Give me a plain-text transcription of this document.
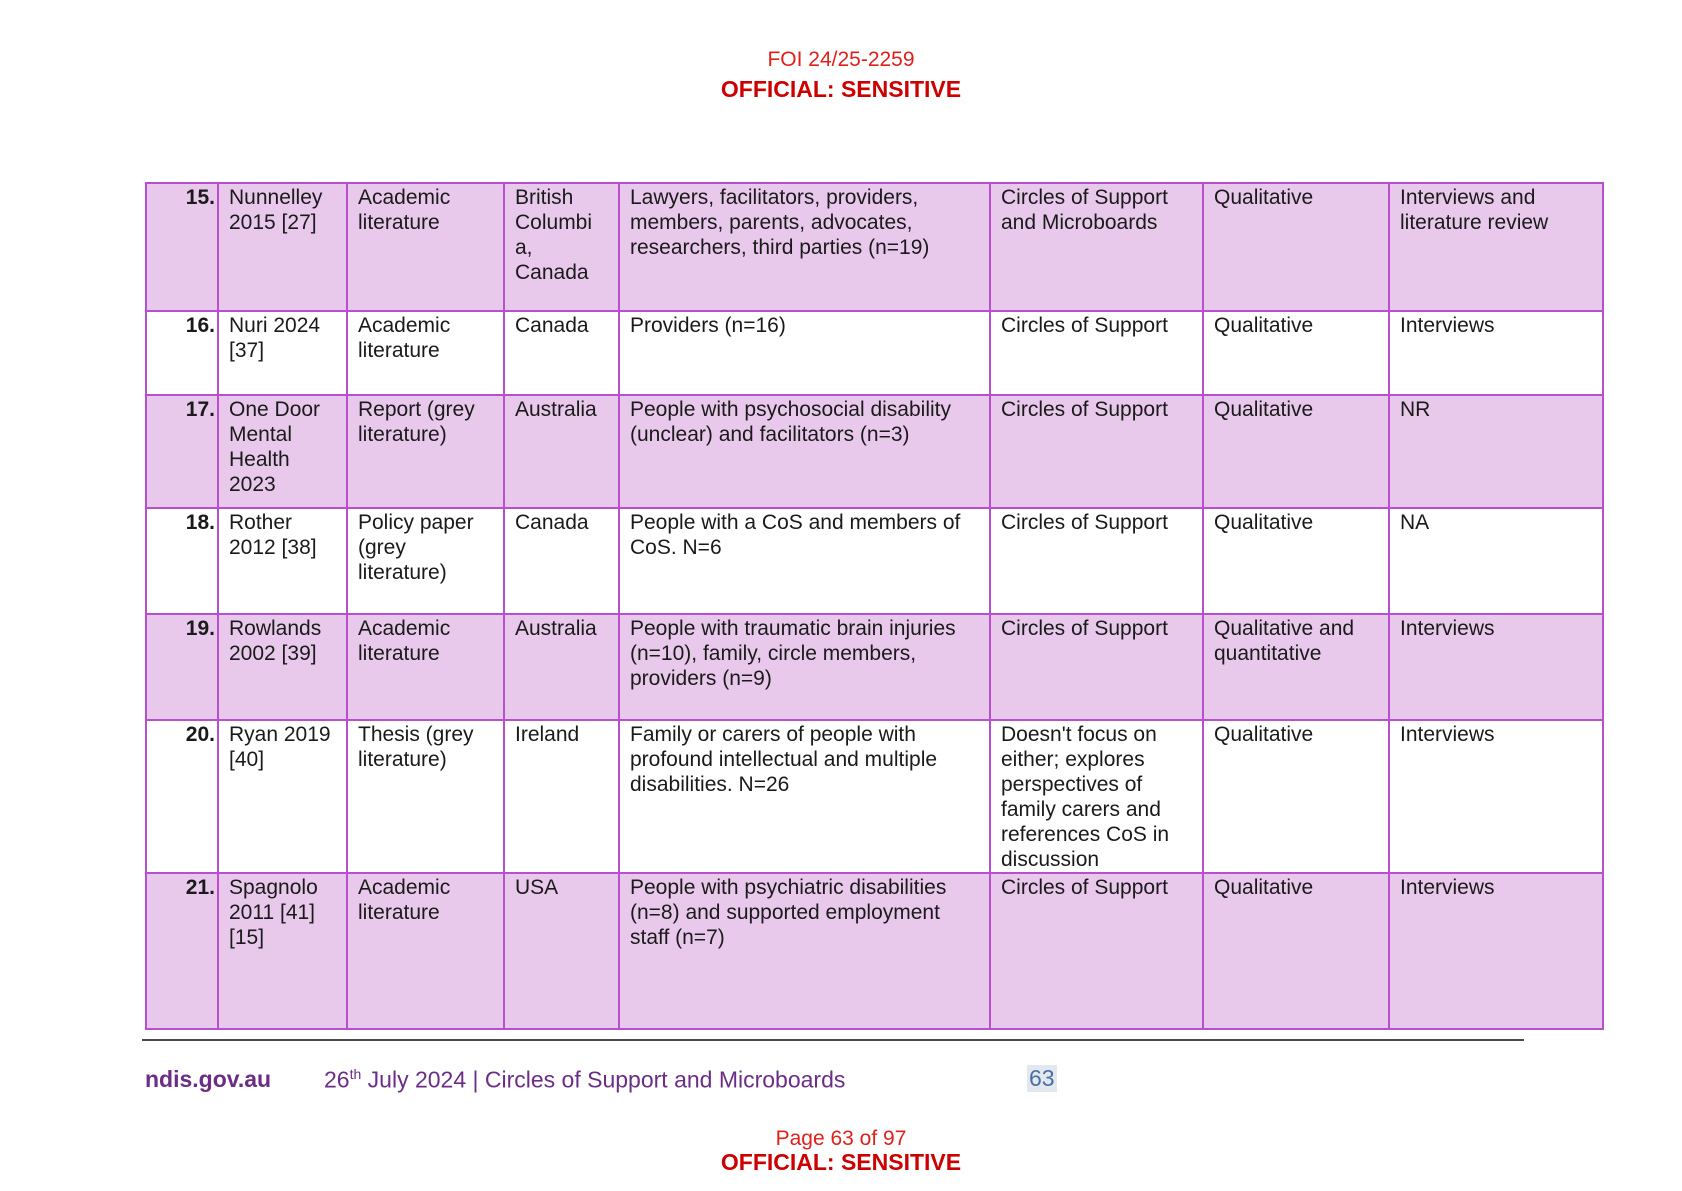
FOI 24/25-2259
OFFICIAL: SENSITIVE
15.	Nunnelley 2015 [27]	Academic literature	British Columbi a, Canada	Lawyers, facilitators, providers, members, parents, advocates, researchers, third parties (n=19)	Circles of Support and Microboards	Qualitative	Interviews and literature review
16.	Nuri 2024 [37]	Academic literature	Canada	Providers (n=16)	Circles of Support	Qualitative	Interviews
17.	One Door Mental Health 2023	Report (grey literature)	Australia	People with psychosocial disability (unclear) and facilitators (n=3)	Circles of Support	Qualitative	NR
18.	Rother 2012 [38]	Policy paper (grey literature)	Canada	People with a CoS and members of CoS. N=6	Circles of Support	Qualitative	NA
19.	Rowlands 2002 [39]	Academic literature	Australia	People with traumatic brain injuries (n=10), family, circle members, providers (n=9)	Circles of Support	Qualitative and quantitative	Interviews
20.	Ryan 2019 [40]	Thesis (grey literature)	Ireland	Family or carers of people with profound intellectual and multiple disabilities. N=26	Doesn't focus on either; explores perspectives of family carers and references CoS in discussion	Qualitative	Interviews
21.	Spagnolo 2011 [41] [15]	Academic literature	USA	People with psychiatric disabilities (n=8) and supported employment staff (n=7)	Circles of Support	Qualitative	Interviews
ndis.gov.au 26th July 2024 | Circles of Support and Microboards	63
Page 63 of 97
OFFICIAL: SENSITIVE
